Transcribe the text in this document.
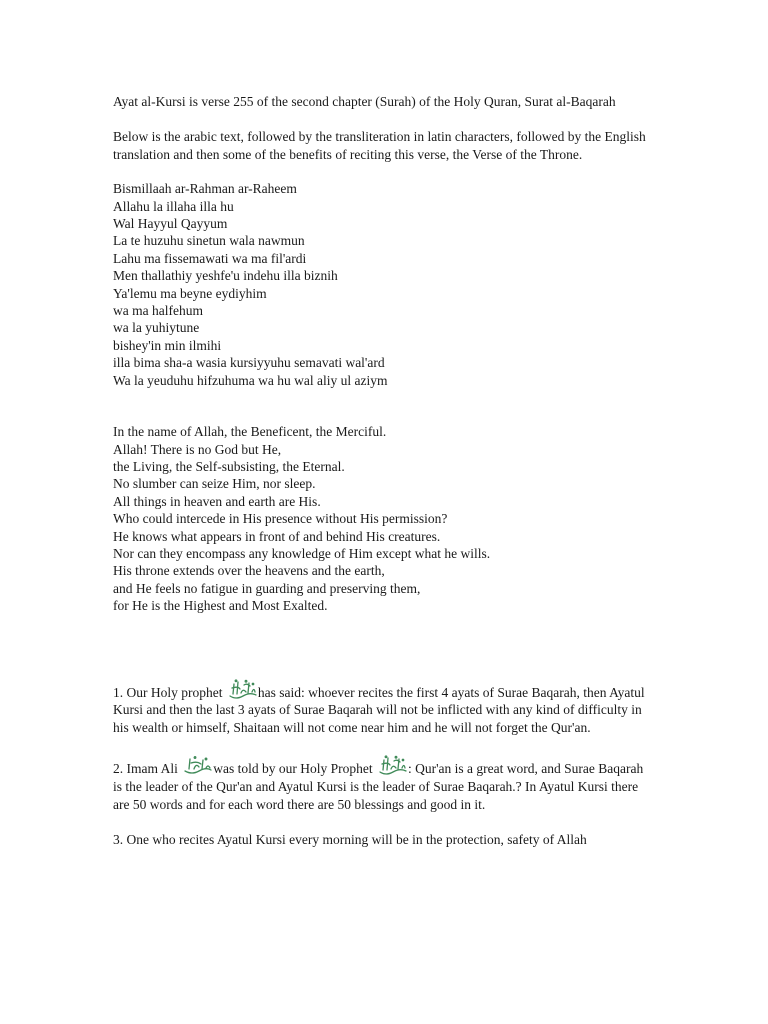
Ayat al-Kursi is verse 255 of the second chapter (Surah) of the Holy Quran, Surat al-Baqarah

Below is the arabic text, followed by the transliteration in latin characters, followed by the English translation and then some of the benefits of reciting this verse, the Verse of the Throne.

Bismillaah ar-Rahman ar-Raheem
Allahu la illaha illa hu
Wal Hayyul Qayyum
La te huzuhu sinetun wala nawmun
Lahu ma fissemawati wa ma fil'ardi
Men thallathiy yeshfe'u indehu illa biznih
Ya'lemu ma beyne eydiyhim
wa ma halfehum
wa la yuhiytune
bishey'in min ilmihi
illa bima sha-a wasia kursiyyuhu semavati wal'ard
Wa la yeuduhu hifzuhuma wa hu wal aliy ul aziym
In the name of Allah, the Beneficent, the Merciful.
Allah! There is no God but He,
the Living, the Self-subsisting, the Eternal.
No slumber can seize Him, nor sleep.
All things in heaven and earth are His.
Who could intercede in His presence without His permission?
He knows what appears in front of and behind His creatures.
Nor can they encompass any knowledge of Him except what he wills.
His throne extends over the heavens and the earth,
and He feels no fatigue in guarding and preserving them,
for He is the Highest and Most Exalted.

1. Our Holy prophet
has said: whoever recites the first 4 ayats of Surae Baqarah, then Ayatul Kursi and then the last 3 ayats of Surae Baqarah will not be inflicted with any kind of difficulty in his wealth or himself, Shaitaan will not come near him and he will not forget the Qur'an.

2. Imam Ali
was told by our Holy Prophet
: Qur'an is a great word, and Surae Baqarah is the leader of the Qur'an and Ayatul Kursi is the leader of Surae Baqarah.? In Ayatul Kursi there are 50 words and for each word there are 50 blessings and good in it.

3. One who recites Ayatul Kursi every morning will be in the protection, safety of Allah
